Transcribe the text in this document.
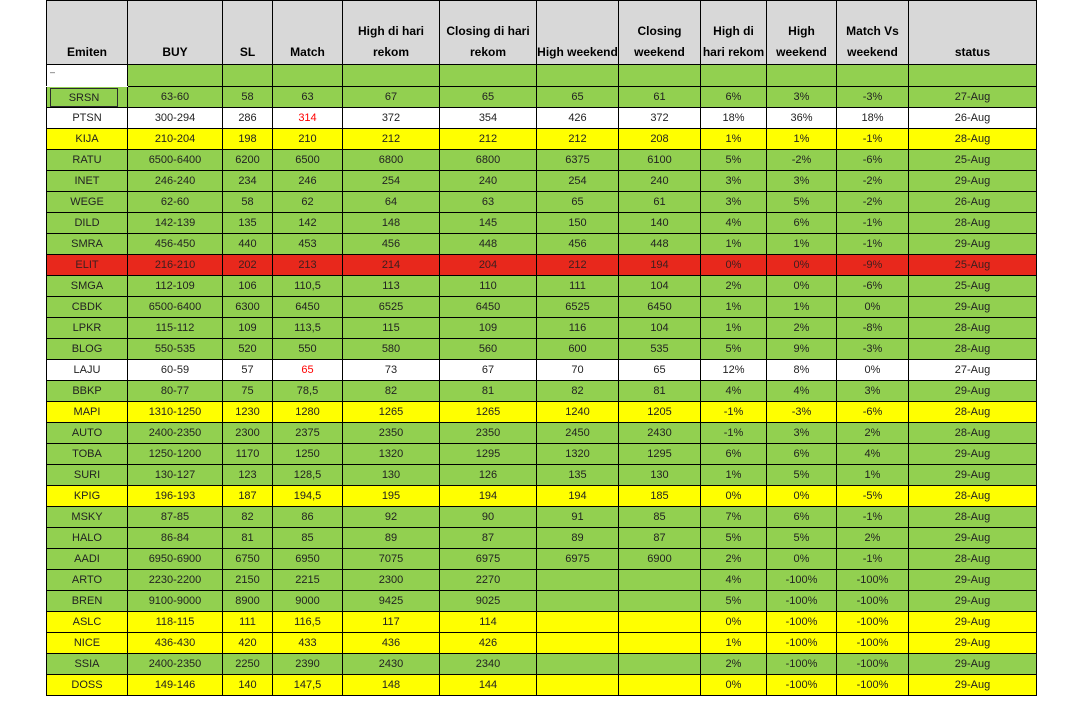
Emiten	BUY	SL	Match	High di hari rekom	Closing di hari rekom	High weekend	Closing weekend	High di hari rekom	High weekend	Match Vs weekend	status

–											

SRSN	63-60	58	63	67	65	65	61	6%	3%	-3%	27-Aug
PTSN	300-294	286	314	372	354	426	372	18%	36%	18%	26-Aug
KIJA	210-204	198	210	212	212	212	208	1%	1%	-1%	28-Aug
RATU	6500-6400	6200	6500	6800	6800	6375	6100	5%	-2%	-6%	25-Aug
INET	246-240	234	246	254	240	254	240	3%	3%	-2%	29-Aug
WEGE	62-60	58	62	64	63	65	61	3%	5%	-2%	26-Aug
DILD	142-139	135	142	148	145	150	140	4%	6%	-1%	28-Aug
SMRA	456-450	440	453	456	448	456	448	1%	1%	-1%	29-Aug
ELIT	216-210	202	213	214	204	212	194	0%	0%	-9%	25-Aug
SMGA	112-109	106	110,5	113	110	111	104	2%	0%	-6%	25-Aug
CBDK	6500-6400	6300	6450	6525	6450	6525	6450	1%	1%	0%	29-Aug
LPKR	115-112	109	113,5	115	109	116	104	1%	2%	-8%	28-Aug
BLOG	550-535	520	550	580	560	600	535	5%	9%	-3%	28-Aug
LAJU	60-59	57	65	73	67	70	65	12%	8%	0%	27-Aug
BBKP	80-77	75	78,5	82	81	82	81	4%	4%	3%	29-Aug
MAPI	1310-1250	1230	1280	1265	1265	1240	1205	-1%	-3%	-6%	28-Aug
AUTO	2400-2350	2300	2375	2350	2350	2450	2430	-1%	3%	2%	28-Aug
TOBA	1250-1200	1170	1250	1320	1295	1320	1295	6%	6%	4%	29-Aug
SURI	130-127	123	128,5	130	126	135	130	1%	5%	1%	29-Aug
KPIG	196-193	187	194,5	195	194	194	185	0%	0%	-5%	28-Aug
MSKY	87-85	82	86	92	90	91	85	7%	6%	-1%	28-Aug
HALO	86-84	81	85	89	87	89	87	5%	5%	2%	29-Aug
AADI	6950-6900	6750	6950	7075	6975	6975	6900	2%	0%	-1%	28-Aug
ARTO	2230-2200	2150	2215	2300	2270			4%	-100%	-100%	29-Aug
BREN	9100-9000	8900	9000	9425	9025			5%	-100%	-100%	29-Aug
ASLC	118-115	111	116,5	117	114			0%	-100%	-100%	29-Aug
NICE	436-430	420	433	436	426			1%	-100%	-100%	29-Aug
SSIA	2400-2350	2250	2390	2430	2340			2%	-100%	-100%	29-Aug
DOSS	149-146	140	147,5	148	144			0%	-100%	-100%	29-Aug
